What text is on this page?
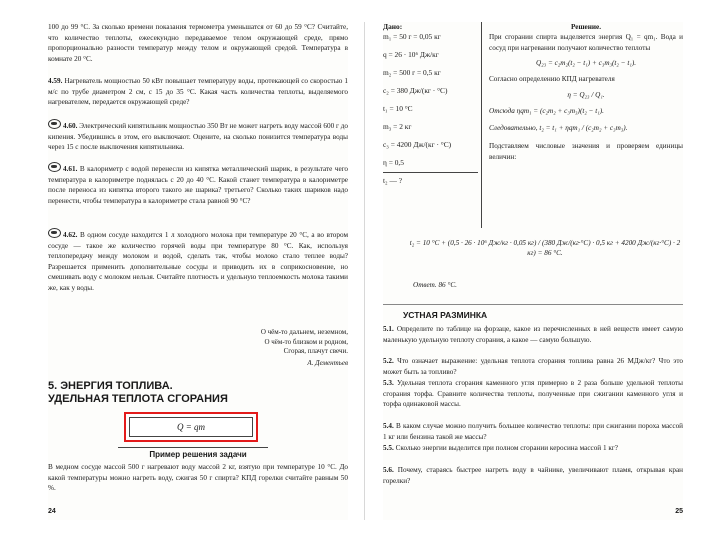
100 до 99 °C. За сколько времени показания термометра уменьшатся от 60 до 59 °C? Считайте, что количество теплоты, ежесекундно передаваемое телом окружающей среде, прямо пропорционально разности температур между телом и окружающей средой. Температура в комнате 20 °C.
4.59. Нагреватель мощностью 50 кВт повышает температуру воды, протекающей со скоростью 1 м/с по трубе диаметром 2 см, с 15 до 35 °C. Какая часть количества теплоты, выделяемого нагревателем, передается окружающей среде?
4.60. Электрический кипятильник мощностью 350 Вт не может нагреть воду массой 600 г до кипения. Убедившись в этом, его выключают. Оцените, на сколько понизится температура воды через 15 с после выключения кипятильника.
4.61. В калориметр с водой перенесли из кипятка металлический шарик, в результате чего температура в калориметре поднялась с 20 до 40 °C. Какой станет температура в калориметре после переноса из кипятка второго такого же шарика? третьего? Сколько таких шариков надо перенести, чтобы температура в калориметре стала равной 90 °C?
4.62. В одном сосуде находится 1 л холодного молока при температуре 20 °C, а во втором сосуде — такое же количество горячей воды при температуре 80 °C. Как, используя теплопередачу между молоком и водой, сделать так, чтобы молоко стало теплее воды? Разрешается применить дополнительные сосуды и приводить их в соприкосновение, но смешивать воду с молоком нельзя. Считайте плотность и удельную теплоемкость молока такими же, как у воды.
О чём-то дальнем, неземном,
О чём-то близком и родном,
Сгорая, плачут свечи.
А. Дементьев
5. ЭНЕРГИЯ ТОПЛИВА.
УДЕЛЬНАЯ ТЕПЛОТА СГОРАНИЯ
Q = qm
Пример решения задачи
В медном сосуде массой 500 г нагревают воду массой 2 кг, взятую при температуре 10 °C. До какой температуры можно нагреть воду, сжигая 50 г спирта? КПД горелки считайте равным 50 %.
24
Дано:
m₁ = 50 г = 0,05 кг
q = 26 · 10⁶ Дж/кг
m₂ = 500 г = 0,5 кг
c₂ = 380 Дж/(кг · °C)
t₁ = 10 °C
m₃ = 2 кг
c₃ = 4200 Дж/(кг · °C)
η = 0,5
t₂ — ?
Решение.
При сгорании спирта выделяется энергия Q₁ = qm₁. Вода и сосуд при нагревании получают количество теплоты
Q₂₃ = c₂m₂(t₂ − t₁) + c₃m₃(t₂ − t₁).
Согласно определению КПД нагревателя
η = Q₂₃ / Q₁.
Отсюда ηqm₁ = (c₂m₂ + c₃m₃)(t₂ − t₁).
Следовательно, t₂ = t₁ + ηqm₁ / (c₂m₂ + c₃m₃).
Подставляем числовые значения и проверяем единицы величин:
t₂ = 10 °C + (0,5 · 26 · 10⁶ Дж/кг · 0,05 кг) / (380 Дж/(кг·°C) · 0,5 кг + 4200 Дж/(кг·°C) · 2 кг) = 86 °C.
Ответ. 86 °C.
УСТНАЯ РАЗМИНКА
5.1. Определите по таблице на форзаце, какое из перечисленных в ней веществ имеет самую маленькую удельную теплоту сгорания, а какое — самую большую.
5.2. Что означает выражение: удельная теплота сгорания топлива равна 26 МДж/кг? Что это может быть за топливо?
5.3. Удельная теплота сгорания каменного угля примерно в 2 раза больше удельной теплоты сгорания торфа. Сравните количества теплоты, полученные при сжигании каменного угля и торфа одинаковой массы.
5.4. В каком случае можно получить большее количество теплоты: при сжигании пороха массой 1 кг или бензина такой же массы?
5.5. Сколько энергии выделится при полном сгорании керосина массой 1 кг?
5.6. Почему, стараясь быстрее нагреть воду в чайнике, увеличивают пламя, открывая кран горелки?
25
